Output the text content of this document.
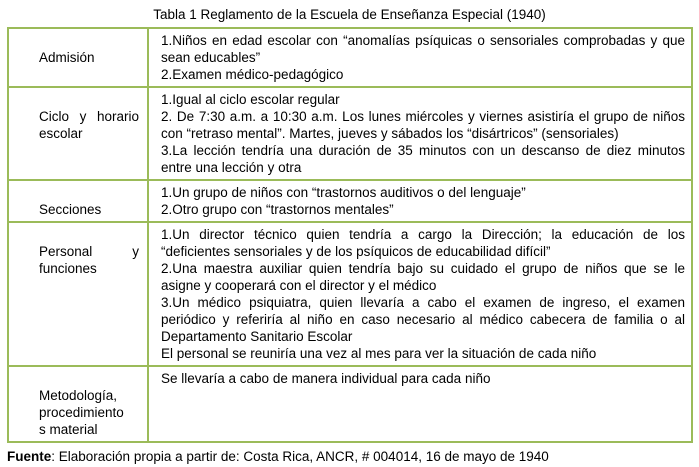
Tabla 1 Reglamento de la Escuela de Enseñanza Especial (1940)

Admisión

1.Niños en edad escolar con “anomalías psíquicas o sensoriales comprobadas y que sean educables”
2.Examen médico-pedagógico

Ciclo y horario escolar

1.Igual al ciclo escolar regular
2. De 7:30 a.m. a 10:30 a.m. Los lunes miércoles y viernes asistiría el grupo de niños con “retraso mental”. Martes, jueves y sábados los “disártricos” (sensoriales)
3.La lección tendría una duración de 35 minutos con un descanso de diez minutos entre una lección y otra

Secciones

1.Un grupo de niños con “trastornos auditivos o del lenguaje”
2.Otro grupo con “trastornos mentales”

Personal y funciones

1.Un director técnico quien tendría a cargo la Dirección; la educación de los “deficientes sensoriales y de los psíquicos de educabilidad difícil”
2.Una maestra auxiliar quien tendría bajo su cuidado el grupo de niños que se le asigne y cooperará con el director y el médico
3.Un médico psiquiatra, quien llevaría a cabo el examen de ingreso, el examen periódico y referiría al niño en caso necesario al médico cabecera de familia o al Departamento Sanitario Escolar
El personal se reuniría una vez al mes para ver la situación de cada niño

Metodología,
procedimiento
s material

Se llevaría a cabo de manera individual para cada niño
Fuente: Elaboración propia a partir de: Costa Rica, ANCR, # 004014, 16 de mayo de 1940
